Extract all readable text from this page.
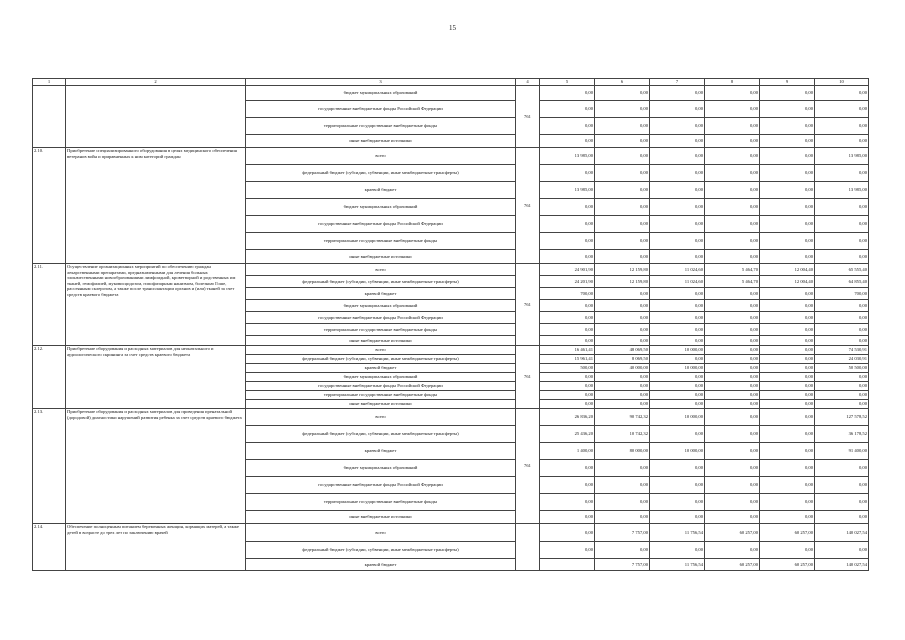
15
1	2	3	4	5	6	7	8	9	10
		бюджет муниципальных образований	761	0,00	0,00	0,00	0,00	0,00	0,00
		государственные внебюджетные фонды Российской Федерации		0,00	0,00	0,00	0,00	0,00	0,00
		территориальные государственные внебюджетные фонды		0,00	0,00	0,00	0,00	0,00	0,00
		иные внебюджетные источники		0,00	0,00	0,00	0,00	0,00	0,00
2.10.	Приобретение специализированного оборудования в целях медицинского обеспечения ветеранов войн и приравненных к ним категорий граждан	всего	761	13 985,00	0,00	0,00	0,00	0,00	13 985,00
		федеральный бюджет (субсидии, субвенции, иные межбюджетные трансферты)		0,00	0,00	0,00	0,00	0,00	0,00
		краевой бюджет		13 985,00	0,00	0,00	0,00	0,00	13 985,00
		бюджет муниципальных образований		0,00	0,00	0,00	0,00	0,00	0,00
		государственные внебюджетные фонды Российской Федерации		0,00	0,00	0,00	0,00	0,00	0,00
		территориальные государственные внебюджетные фонды		0,00	0,00	0,00	0,00	0,00	0,00
		иные внебюджетные источники		0,00	0,00	0,00	0,00	0,00	0,00
2.11.	Осуществление организационных мероприятий по обеспечению граждан лекарственными препаратами, предназначенными для лечения больных злокачественными новообразованиями лимфоидной, кроветворной и родственных им тканей, гемофилией, муковисцидозом, гипофизарным нанизмом, болезнью Гоше, рассеянным склерозом, а также после трансплантации органов и (или) тканей за счет средств краевого бюджета	всего	761	24 901,90	12 159,80	11 024,60	5 464,70	12 004,40	65 555,40
		федеральный бюджет (субсидии, субвенции, иные межбюджетные трансферты)		24 201,90	12 159,80	11 024,60	5 464,70	12 004,40	64 855,40
		краевой бюджет		700,00	0,00	0,00	0,00	0,00	700,00
		бюджет муниципальных образований		0,00	0,00	0,00	0,00	0,00	0,00
		государственные внебюджетные фонды Российской Федерации		0,00	0,00	0,00	0,00	0,00	0,00
		территориальные государственные внебюджетные фонды		0,00	0,00	0,00	0,00	0,00	0,00
		иные внебюджетные источники		0,00	0,00	0,00	0,00	0,00	0,00
2.12.	Приобретение оборудования и расходных материалов для неонатального и аудиологического скрининга за счет средств краевого бюджета	всего	761	16 461,41	48 069,50	10 000,00	0,00	0,00	74 530,91
		федеральный бюджет (субсидии, субвенции, иные межбюджетные трансферты)		15 961,41	8 069,50	0,00	0,00	0,00	24 030,91
		краевой бюджет		500,00	40 000,00	10 000,00	0,00	0,00	50 500,00
		бюджет муниципальных образований		0,00	0,00	0,00	0,00	0,00	0,00
		государственные внебюджетные фонды Российской Федерации		0,00	0,00	0,00	0,00	0,00	0,00
		территориальные государственные внебюджетные фонды		0,00	0,00	0,00	0,00	0,00	0,00
		иные внебюджетные источники		0,00	0,00	0,00	0,00	0,00	0,00
2.13.	Приобретение оборудования и расходных материалов для проведения пренатальной (дородовой) диагностики нарушений развития ребенка за счет средств краевого бюджета	всего	761	26 836,20	90 742,32	10 000,00	0,00	0,00	127 578,52
		федеральный бюджет (субсидии, субвенции, иные межбюджетные трансферты)		25 436,20	10 742,32	0,00	0,00	0,00	36 178,52
		краевой бюджет		1 400,00	80 000,00	10 000,00	0,00	0,00	91 400,00
		бюджет муниципальных образований		0,00	0,00	0,00	0,00	0,00	0,00
		государственные внебюджетные фонды Российской Федерации		0,00	0,00	0,00	0,00	0,00	0,00
		территориальные государственные внебюджетные фонды		0,00	0,00	0,00	0,00	0,00	0,00
		иные внебюджетные источники		0,00	0,00	0,00	0,00	0,00	0,00
2.14.	Обеспечение полноценным питанием беременных женщин, кормящих матерей, а также детей в возрасте до трех лет по заключению врачей	всего		0,00	7 757,00	11 756,54	60 257,00	60 257,00	140 027,54
		федеральный бюджет (субсидии, субвенции, иные межбюджетные трансферты)		0,00	0,00	0,00	0,00	0,00	0,00
		краевой бюджет			7 757,00	11 756,54	60 257,00	60 257,00	140 027,54
